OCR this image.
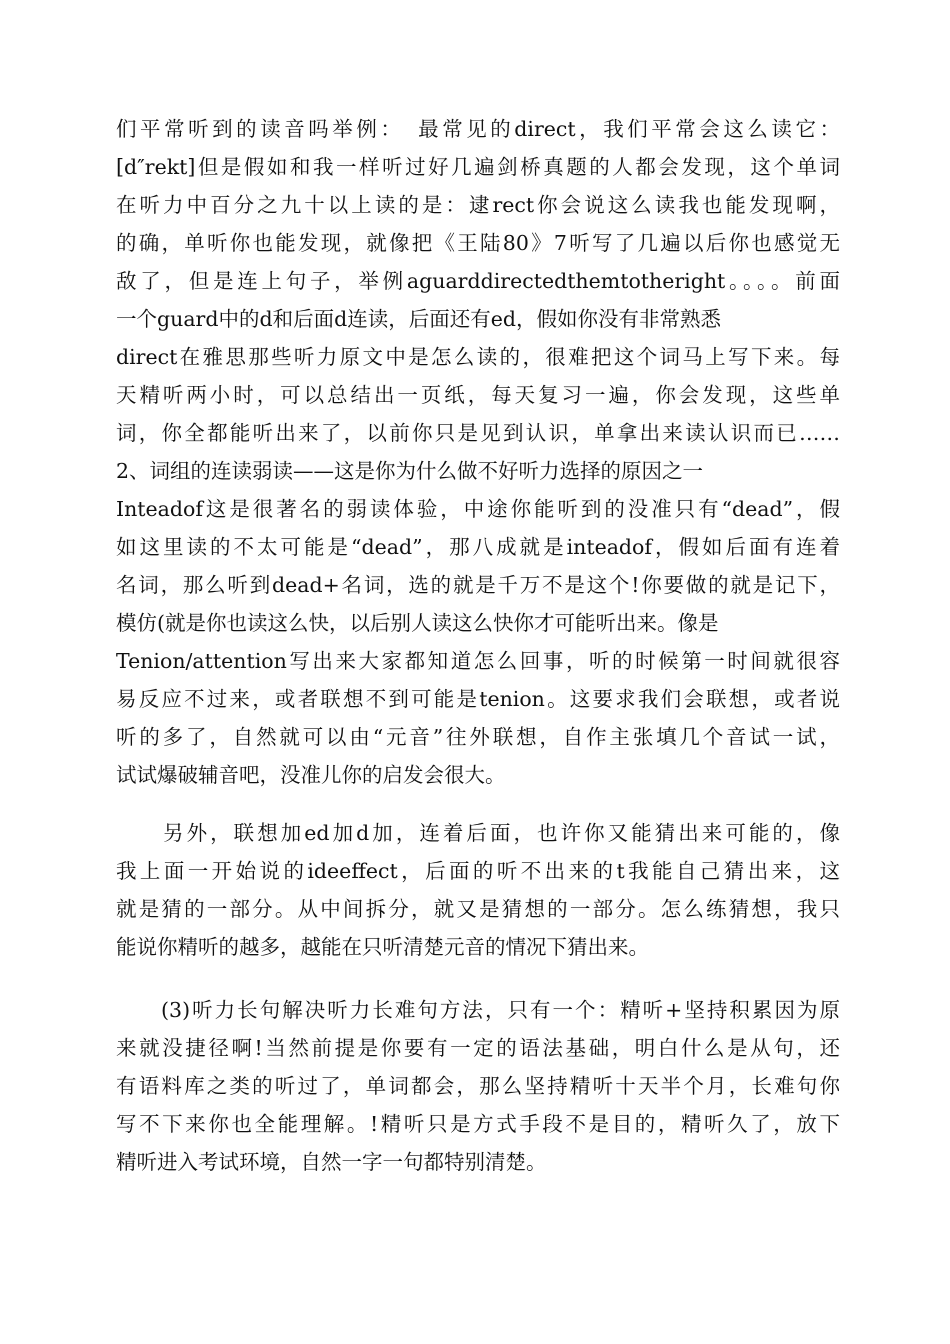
们平常听到的读音吗举例：　最常见的direct，我们平常会这么读它：
[d″rekt]但是假如和我一样听过好几遍剑桥真题的人都会发现，这个单词
在听力中百分之九十以上读的是：逮rect你会说这么读我也能发现啊，
的确，单听你也能发现，就像把《王陆80》7听写了几遍以后你也感觉无
敌了，但是连上句子，举例aguarddirectedthemtotheright。。。。前面
一个guard中的d和后面d连读，后面还有ed，假如你没有非常熟悉
direct在雅思那些听力原文中是怎么读的，很难把这个词马上写下来。每
天精听两小时，可以总结出一页纸，每天复习一遍，你会发现，这些单
词，你全都能听出来了，以前你只是见到认识，单拿出来读认识而已……
2、词组的连读弱读——这是你为什么做不好听力选择的原因之一
Inteadof这是很著名的弱读体验，中途你能听到的没准只有“dead”，假
如这里读的不太可能是“dead”，那八成就是inteadof，假如后面有连着
名词，那么听到dead+名词，选的就是千万不是这个!你要做的就是记下，
模仿(就是你也读这么快，以后别人读这么快你才可能听出来。像是
Tenion/attention写出来大家都知道怎么回事，听的时候第一时间就很容
易反应不过来，或者联想不到可能是tenion。这要求我们会联想，或者说
听的多了，自然就可以由“元音”往外联想，自作主张填几个音试一试，
试试爆破辅音吧，没准儿你的启发会很大。
　　另外，联想加ed加d加，连着后面，也许你又能猜出来可能的，像
我上面一开始说的ideeffect，后面的听不出来的t我能自己猜出来，这
就是猜的一部分。从中间拆分，就又是猜想的一部分。怎么练猜想，我只
能说你精听的越多，越能在只听清楚元音的情况下猜出来。
　　(3)听力长句解决听力长难句方法，只有一个：精听+坚持积累因为原
来就没捷径啊!当然前提是你要有一定的语法基础，明白什么是从句，还
有语料库之类的听过了，单词都会，那么坚持精听十天半个月，长难句你
写不下来你也全能理解。!精听只是方式手段不是目的，精听久了，放下
精听进入考试环境，自然一字一句都特别清楚。
